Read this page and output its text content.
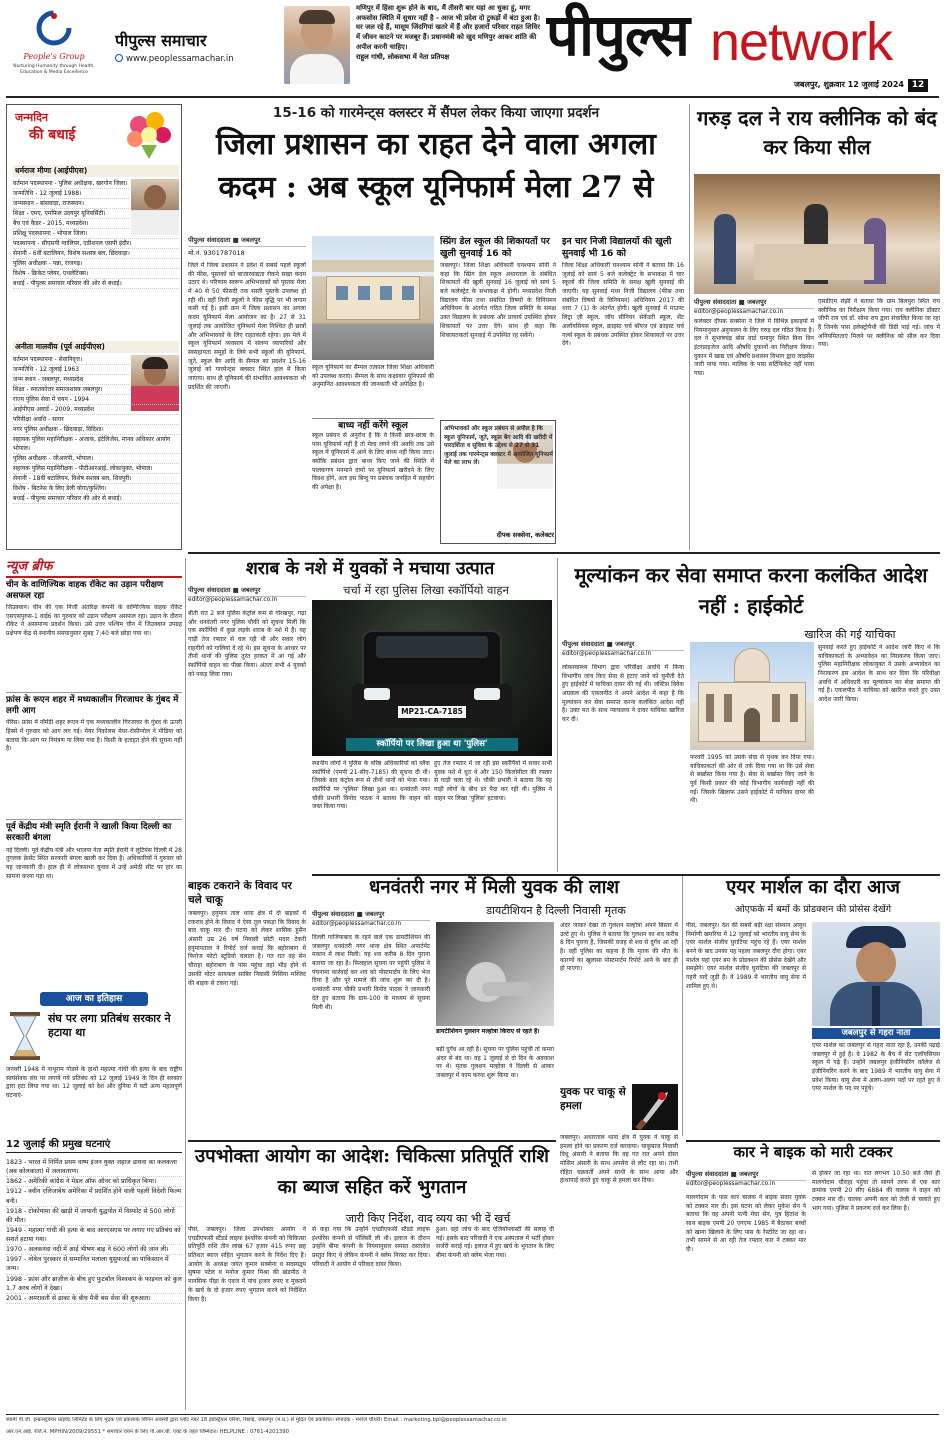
People's Group
Nurturing Humanity through Health, Education & Media Excellence
पीपुल्स समाचार
www.peoplessamachar.in
मणिपुर में हिंसा शुरू होने के बाद, मैं तीसरी बार यहां आ चुका हूं, मगर अफसोस स्थिति में सुधार नहीं है - आज भी प्रदेश दो टुकड़ों में बंटा हुआ है। घर जल रहे हैं, मासूम जिंदगियां खतरे में हैं और हजारों परिवार राहत शिविर में जीवन काटने पर मजबूर हैं। प्रधानमंत्री को खुद मणिपुर आकर शांति की अपील करनी चाहिए।
राहुल गांधी, लोकसभा में नेता प्रतिपक्ष	पीपुल्स network
जबलपुर, शुक्रवार 12 जुलाई 2024 12
जन्मदिन
की बधाई
धर्मराज मीणा (आईपीएस)
वर्तमान पदस्थापना - पुलिस अधीक्षक, खरगोन जिला।
जन्मतिथि - 12 जुलाई 1988।
जन्मस्थान - बांसवाड़ा, राजस्थान।
शिक्षा - एमए, एमफिल उदयपुर यूनिवर्सिटी।
बैच एवं कैडर - 2015, मध्यप्रदेश।
प्रशिक्षु पदस्थापना - भोपाल जिला।
पदस्थापना - सीएसपी ग्वालियर, एडीशनल एसपी इंदौर।
सेनानी - 6वीं बटालियन, विशेष सशस्त्र बल, छिंदवाड़ा।
पुलिस अधीक्षक - पन्ना, राजगढ़।
विशेष - क्रिकेट प्लेयर, एथलेटिक्स।
बधाई - पीपुल्स समाचार परिवार की ओर से बधाई।
अनीता मालवीय (पूर्व आईपीएस)
वर्तमान पदस्थापना - सेवानिवृत्त।
जन्मतिथि - 12 जुलाई 1963
जन्म स्थान - जबलपुर, मध्यप्रदेश
शिक्षा - स्नातकोत्तर समाजशास्त्र जबलपुर।
राज्य पुलिस सेवा में चयन - 1994
आईपीएस अवार्ड - 2009, मध्यप्रदेश
परिवीक्षा अवधि - सागर
नगर पुलिस अधीक्षक - छिंदवाड़ा, विदिशा।
सहायक पुलिस महानिरीक्षक - अजाक, इंटेलिजेंस, मानव अधिकार आयोग भोपाल।
पुलिस अधीक्षक - जीआरपी, भोपाल।
सहायक पुलिस महानिरीक्षक - पीटीआरआई, लोकायुक्त, भोपाल।
सेनानी - 18वीं बटालियन, विशेष सशस्त्र बल, शिवपुरी।
विशेष - बिटनेस के लिए डेली योगा/कुश्तिंग।
बधाई - पीपुल्स समाचार परिवार की ओर से बधाई।
15-16 को गारमेन्ट्स क्लस्टर में सैंपल लेकर किया जाएगा प्रदर्शन
जिला प्रशासन का राहत देने वाला अगला कदम : अब स्कूल यूनिफार्म मेला 27 से
पीपुल्स संवाददाता ■ जबलपुर
मो.नं. 9301787018
जिले में जिला प्रशासन ने प्रदेश में सबसे पहले स्कूलों की फीस, पुस्तकों को बाजारवाद्यता रोकने सख्त कदम उठाए थे। परिणाम स्वरूप अभिभावकों को पुस्तक मेला में 40 से 50 फीसदी तक सस्ती पुस्तकें उपलब्ध हो रही थीं। वहीं निजी स्कूलों ने फीस वृद्धि पर भी लगाम कसी गई है। इसी क्रम में जिला प्रशासन का अगला कदम यूनिफार्म मेला आयोजन का है। 27 से 31 जुलाई तक आयोजित यूनिफार्म मेला निश्चित ही छात्रों और अभिभावकों के लिए राहतकारी रहेगा। इस मेले में स्कूल यूनिफार्म व्यवसाय में संलग्न व्यापारियों और स्वसहायता समूहों के लिये सभी स्कूलों की यूनिफार्म, जूते, स्कूल बैग आदि के सैम्पल का प्रदर्शन 15-16 जुलाई को गारमेन्ट्स क्लस्टर स्थित हाल में किया जाएगा। साथ ही यूनिफार्म की संभावित आवश्यकता भी प्रदर्शित की जाएगी।
स्कूल यूनिफार्म का सैम्पल तत्काल जिला शिक्षा अधिकारी को उपलब्ध कराएं। सैम्पल के साथ कक्षावार यूनिफार्म की अनुमानित आवश्यकता की जानकारी भी अपेक्षित है।
बाध्य नहीं करेंगे स्कूल
स्कूल प्रबंधन से अनुरोध है कि वे किसी छात्र-छात्रा के पास यूनिफार्म नहीं है तो मेला लगने की अवधि तक उसे स्कूल में यूनिफार्म में आने के लिए बाध्य नहीं किया जाए। क्योंकि प्रबंधन द्वारा बाध्य किए जाने की स्थिति में पालकगण मनमाने दामों पर यूनिफार्म खरीदने के लिए विवश होंगे, अतः इस बिन्दु पर प्रबंधक जनहित में सहयोग की अपेक्षा है।
स्प्रिंग डेल स्कूल की शिकायतों पर खुली सुनवाई 16 को
जबलपुर। जिला शिक्षा अधिकारी घनश्याम सोनी ने कहा कि स्प्रिंग डेल स्कूल अधारताल के संबंधित शिकायतों की खुली सुनवाई 16 जुलाई को सायं 5 बजे कलेक्ट्रेट के सभाकक्ष में होगी। मध्यप्रदेश निजी विद्यालय फीस तथा संबंधित विषयों के विनियमन अधिनियम के अंतर्गत गठित जिला समिति के समक्ष उक्त विद्यालय के प्रबंधक और प्राचार्य उपस्थित होकर शिकायतों पर उत्तर देंगे। साथ ही कहा कि शिकायतकर्ता सुनवाई में उपस्थित रह सकेंगे।
इन चार निजी विद्यालयों की खुली सुनवाई भी 16 को
जिला शिक्षा अधिकारी घनश्याम सोनी ने बताया कि 16 जुलाई को सायं 5 बजे कलेक्ट्रेट के सभाकक्ष में चार स्कूलों की जिला समिति के समक्ष खुली सुनवाई की जाएगी। यह सुनवाई मध्य निजी विद्यालय (फीस तथा संबंधित विषयों के विनियमन) अधिनियम 2017 की धारा 7 (1) के अंतर्गत होगी। खुली सुनवाई में माउण्ट लिट्रा ज़ी स्कूल, जॉय सीनियर सेकेंडरी स्कूल, सेंट अलॉयसियस स्कूल, क्राइस्ट चर्च बॉयज एवं क्राइस्ट चर्च गर्ल्स स्कूल के प्रबंधक उपस्थित होकर शिकायतों पर उत्तर देंगे।
अभिभावकों और स्कूल प्रबंधन से अपील है कि स्कूल यूनिफार्म, जूते, स्कूल बैग आदि की खरीदी में पारदर्शिता व सुविधा के उद्देश्य से 27 से 31 जुलाई तक गारमेन्ट्स क्लस्टर में आयोजित यूनिफार्म मेले का लाभ लें।
दीपक सक्सेना, कलेक्टर
गरुड़ दल ने राय क्लीनिक को बंद कर किया सील
पीपुल्स संवाददाता ■ जबलपुर
editor@peoplessamachar.co.in
एसडीएम रांझी ने बताया कि ग्राम बिलपुरा स्थित राय क्लीनिक का निरीक्षण किया गया। राय क्लीनिक डॉक्टर जीपी राय एवं डॉ. सोमा राय द्वारा संचालित किया जा रहा है जिनके पास इलेक्ट्रोपैथी की डिग्री पाई गई। जांच में अनियमितताएं मिलने पर क्लीनिक को सील कर दिया गया।
कलेक्टर दीपक सक्सेना ने जिले में विभिन्न इकाइयों में नियमानुसार अनुपालन के लिए गरुड़ दल गठित किया है। दल ने सुभाषचंद्र बोस वार्ड घमापुर स्थित विना विन इंटरप्राइजेज आदि औषधि दुकानों का निरीक्षण किया। दुकान में खाद्य एवं औषधि प्रशासन विभाग द्वारा लाइसेंस जारी पाया गया। मालिक के पास सर्टिफिकेट नहीं पाया गया।
न्यूज ब्रीफ
चीन के वाणिज्यिक वाहक रॉकेट का उड़ान परीक्षण असफल रहा
जिउक्वान। चीन की एक निजी अंतरिक्ष कंपनी के वाणिज्यिक वाहक रॉकेट एसएसपुरुस-1 वाई6 का गुरुवार को उड़ान परीक्षण असफल रहा। उड़ान के दौरान रॉकेट ने असामान्य प्रदर्शन किया। उसे उत्तर पश्चिम चीन में जिउक्वान उपग्रह प्रक्षेपण केंद्र से स्थानीय समयानुसार सुबह 7:40 बजे छोड़ा गया था।
फ्रांस के रूएन शहर में मध्यकालीन गिरजाघर के गुंबद में लगी आग
पेरिस। फ्रांस में नॉर्मंडी शहर रूएन में एक मध्यकालीन गिरजाघर के गुंबद के ऊपरी हिस्से में गुरुवार को आग लग गई। मेयर निकोलस मेयर-रोसीग्नोल ने मीडिया को बताया कि आग पर नियंत्रण पा लिया गया है। किसी के हताहत होने की सूचना नहीं है।
पूर्व केंद्रीय मंत्री स्मृति ईरानी ने खाली किया दिल्ली का सरकारी बंगला
नई दिल्ली। पूर्व केंद्रीय मंत्री और भाजपा नेता स्मृति ईरानी ने लुटियंस दिल्ली में 28 तुगलक क्रेसेंट स्थित सरकारी बंगला खाली कर दिया है। अधिकारियों ने गुरुवार को यह जानकारी दी। हाल ही में लोकसभा चुनाव में उन्हें अमेठी सीट पर हार का सामना करना पड़ा था।
आज का इतिहास
संघ पर लगा प्रतिबंध सरकार ने हटाया था
जनवरी 1948 में नाथूराम गोडसे के हाथों महात्मा गांधी की हत्या के बाद राष्ट्रीय स्वयंसेवक संघ पर लगाये गये प्रतिबंध को 12 जुलाई 1949 के दिन ही सरकार द्वारा हटा लिया गया था। 12 जुलाई को देश और दुनिया में घटी अन्य महत्वपूर्ण घटनाएं-
12 जुलाई की प्रमुख घटनाएं
1823 - भारत में निर्मित प्रथम वाष्प इंजन युक्त जहाज डायना का कलकत्ता (अब कोलकाता) में जलावतरण।
1862 - अमेरिकी कांग्रेस ने मेडल ऑफ ऑनर को प्राधिकृत किया।
1912 - क्वीन एलिजाबेथ अमेरिका में प्रदर्शित होने वाली पहली विदेशी फिल्म बनी।
1918 - टोकोयामा की खाड़ी में जापानी युद्धपोत में विस्फोट से 500 लोगों की मौत।
1949 - महात्मा गांधी की हत्या के बाद आरएसएस पर लगाए गए प्रतिबंध को सशर्त हटाया गया।
1970 - अलकनंदा नदी में आई भीषण बाढ़ ने 600 लोगों की जान ली।
1997 - नोबेल पुरस्कार से सम्मानित मलाला युसुफजई का पाकिस्तान में जन्म।
1998 - फ्रांस और ब्राज़ील के बीच हुए फुटबॉल विश्वकप के फाइनल को कुल 1.7 अरब लोगों ने देखा।
2001 - अमरावती से ढाका के बीच मैत्री बस सेवा की शुरुआत।
शराब के नशे में युवकों ने मचाया उत्पात
चर्चा में रहा पुलिस लिखा स्कॉर्पियो वाहन
पीपुल्स संवाददाता ■ जबलपुर
editor@peoplessamachar.co.in
बीती रात 2 बजे पुलिस कंट्रोल रूम से गोरखपुर, गढ़ा और धनवंतरी नगर पुलिस चौकी को सूचना मिली कि एक स्कॉर्पियो में कुछ लड़के शराब के नशे में हैं। यह गाड़ी तेज रफ्तार से चल रही थी और सवार लोग राहगीरों को गालियां दे रहे थे। इस सूचना के आधार पर तीनों थानों की पुलिस तुरंत हरकत में आ गई और स्कॉर्पियो वाहन का पीछा किया। अंततः सभी 4 युवकों को पकड़ लिया गया।
MP21-CA-7185
स्कॉर्पियो पर लिखा हुआ था 'पुलिस'
स्थानीय लोगों ने पुलिस के वरिष्ठ अधिकारियों को ब्लैक स्कॉर्पियो (एमपी 21-सीए-7185) की सूचना दी थी। जिसके बाद कंट्रोल रूम से तीनों थानों को भेजा गया। स्कॉर्पियो पर 'पुलिस' लिखा हुआ था। धनवंतरी नगर चौकी प्रभारी विनोद पाठक ने बताया कि वाहन को जब्त किया गया।
हुए तेज रफ्तार में जा रही इस स्कॉर्पियो में सवार सभी युवक नशे में धुत थे और 150 किलोमीटर की रफ्तार से गाड़ी चला रहे थे। चौकी प्रभारी ने बताया कि यह गाड़ी लोगों के बीच डर पैदा कर रही थी। पुलिस ने वाहन पर लिखा 'पुलिस' हटवाया।
बाइक टकराने के विवाद पर चले चाकू
जबलपुर। हनुमान ताल थाना क्षेत्र में दो बाइकों में टकराव होने के विवाद ने ऐसा तूल पकड़ा कि विवाद के बाद चाकू मार दी। घटना को लेकर शासिक हुसैन अंसारी उम्र 26 वर्ष निवासी छोटी मदार टेकरी हनुमानताल ने रिपोर्ट दर्ज कराई कि बहोराबाग में फिरोज फोटो स्टूडियो चलाता है। गत रात वह सेन चौराहा बहोराबाग के पास पहुंचा वहां भीड़ होने से उसकी मोटर सायकल साबिर निवासी मिसिमा मस्जिद की बाइक से टकरा गई।
मूल्यांकन कर सेवा समाप्त करना कलंकित आदेश नहीं : हाईकोर्ट
खारिज की गई याचिका
पीपुल्स संवाददाता ■ जबलपुर
editor@peoplessamachar.co.in
लोकस्वास्थ्य विभाग द्वारा परिवीक्षा अवधि में किया विभागीय जांच किए सेवा से हटाए जाने को चुनौती देते हुए हाईकोर्ट में याचिका दायर की गई थी। जस्टिस विवेक अग्रवाल की एकलपीठ ने अपने आदेश में कहा है कि मूल्यांकन कर सेवा समाप्त करना कलंकित आदेश नहीं है। उक्त मत के साथ न्यायालय ने दायर याचिका खारिज कर दी।
फरवरी 1995 को उसके सेवा से पृथक कर दिया गया। याचिकाकर्ता की ओर से तर्क दिया गया था कि उसे सेवा से बर्खास्त किया गया है। सेवा से बर्खास्त किए जाने के पूर्व किसी प्रकार की कोई विभागीय कार्यवाही नहीं की गई। जिसके खिलाफ उसने हाईकोर्ट में याचिका दायर की थी।
सुनवाई करते हुए हाईकोर्ट ने आदेश जारी किए थे कि याचिकाकर्ता के अभ्यावेदन का निराकरण किया जाए। पुलिस महानिरीक्षक लोकायुक्त ने उसके अभ्यावेदन का निराकरण इस आदेश के साथ कर दिया कि परिवीक्षा अवधि में अधिकारी का मूल्यांकन कर सेवा समाप्त की गई है। एकलपीठ ने याचिका को खारिज करते हुए उक्त आदेश जारी किया।
धनवंतरी नगर में मिली युवक की लाश
डायटीशियन है दिल्ली निवासी मृतक
पीपुल्स संवाददाता ■ जबलपुर
editor@peoplessamachar.co.in
दिल्ली गाजियाबाद के रहने वाले एक डायटीशियन की जबलपुर धनवंतरी नगर थाना क्षेत्र स्थित अपार्टमेंट मकान में लाश मिली। यह शव करीब 8 दिन पुराना बताया जा रहा है। फिलहाल सूचना पर पहुंची पुलिस ने पंचनामा कार्रवाई कर शव को पोस्टमार्टम के लिए भेज दिया है और पूरे मामले की जांच शुरू कर दी है। धनवंतरी नगर चौकी प्रभारी विनोद पाठक ने जानकारी देते हुए बताया कि ग्राम-100 के माध्यम से सूचना मिली थी।
डायटीशियन गुलशन मल्होत्रा किराए से रहते हैं।
बड़ी दुर्गंध आ रही है। सूचना पर पुलिस पहुंची तो कमरा अंदर से बंद था। वह 1 जुलाई से दो दिन के अवकाश पर थे। मृतक गुलशन मल्होत्रा ने दिल्ली से आकर जबलपुर में काम करना शुरू किया था।
अंदर जाकर देखा तो गुलशन मल्होत्रा अपने बिस्तर में उल्टे हुए थे। पुलिस ने बताया कि गुलशन का शव करीब 8 दिन पुराना है, जिसकी वजह से शव से दुर्गंध आ रही है। वहीं पुलिस का कहना है कि मृतक की मौत के कारणों का खुलासा पोस्टमार्टम रिपोर्ट आने के बाद ही हो पाएगा।
युवक पर चाकू से हमला
जबलपुर। अधारताल थाना क्षेत्र में युवक ने चाकू से हमला होने का प्रकरण दर्ज करवाया। चाकूबाज निवासी विधु अंसारी ने बताया कि वह गत रात अपने दोस्त मोसिन अंसारी के साथ अपसेरा से लौट रहा था। तभी रोहित चक्रवर्ती अपने साथी के साथ आया और हाथापाई करते हुए चाकू से हमला कर दिया।
एयर मार्शल का दौरा आज
ओएफके में बमों के प्रोडक्शन की प्रोसेस देखेंगे
पीसं, जबलपुर। देश की सबसे बड़ी रक्षा संस्थान आयुध निर्माणी खमरिया में 12 जुलाई को भारतीय वायु सेना के एयर मार्शल संजीव घुराटिया पहुंच रहे हैं। एयर मार्शल बनने के बाद उनका यह पहला जबलपुर दौरा होगा। एयर मार्शल यहां एयर बम के प्रोडक्शन की प्रोसेस देखेंगे और समझेंगे। एयर मार्शल संजीव घुराटिया की जबलपुर से गहरी यादें जुड़ी हैं। वे 1989 में भारतीय वायु सेना में शामिल हुए थे।
जबलपुर से गहरा नाता
एयर मार्शल का जबलपुर से गहरा नाता रहा है, उनकी पढ़ाई जबलपुर में हुई है। वे 1982 के बैच में सेंट एलॉयसियस स्कूल में पढ़े हैं। उन्होंने जबलपुर इंजीनियरिंग कॉलेज से इंजीनियरिंग करने के बाद 1989 में भारतीय वायु सेना में प्रवेश किया। वायु सेना में अलग-अलग पदों पर रहते हुए वे एयर मार्शल के पद पर पहुंचे।
उपभोक्ता आयोग का आदेश: चिकित्सा प्रतिपूर्ति राशि का ब्याज सहित करें भुगतान
जारी किए निर्देश, वाद व्यय का भी दें खर्च
पीसं, जबलपुर। जिला उपभोक्ता आयोग ने एचडीएफसी स्टैंडर्ड लाइफ इंश्योरेंस कंपनी को चिकित्सा प्रतिपूर्ति राशि तीन लाख 67 हजार 415 रुपए छह प्रतिशत ब्याज सहित भुगतान करने के निर्देश दिए हैं। आयोग के अध्यक्ष जयंत कुमार सक्सेना व सदस्यद्वय सुषमा पटेल व मनोज कुमार मिश्रा की खंडपीठ ने मानसिक पीड़ा के एवज में पांच हजार रुपए व मुकदमे के खर्च के दो हजार रुपए भुगतान करने को निर्देशित किया है।
से कहा गया कि उन्होंने एचडीएफसी स्टैंडर्ड लाइफ इंश्योरेंस कंपनी से पॉलिसी ली थी। इलाज के दौरान उन्होंने बीमा कंपनी के नियमानुसार समस्त दस्तावेज प्रस्तुत किए थे लेकिन कंपनी ने क्लेम निरस्त कर दिया। परिवादी ने आयोग में परिवाद दायर किया।
हुआ। वहां जांच के बाद एंजियोप्लास्टी की सलाह दी गई। इसके बाद परिवादी ने एक अस्पताल में भर्ती होकर सर्जरी कराई गई। इलाज में हुए खर्च के भुगतान के लिए बीमा कंपनी को क्लेम भेजा गया।
कार ने बाइक को मारी टक्कर
पीपुल्स संवाददाता ■ जबलपुर
editor@peoplessamachar.co.in
मालगोदाम के पास कार चालक ने बाइक सवार युवक को टक्कर मार दी। इस घटना को लेकर मुकेश सेन ने बताया कि वह अपनी पत्नी मेघा सेन, पुत्र हितांश के साथ बाइक एमपी 20 एनएफ 1985 में बैठाकर बच्चों को खाना खिलाने के लिए पास के रेस्टोरेंट जा रहा था। तभी सामने से आ रही तेज रफ्तार कार ने टक्कर मार दी।
से होकर जा रहा था। रात लगभग 10.50 बजे जैसे ही मालगोदाम चौराहा पहुंचा तो सामने तरफ से एक कार क्रमांक एमपी 20 सीए 6884 की चालक ने वाहन को टक्कर मार दी। चालक अपनी कार को तेजी से चलाते हुए भाग गया। पुलिस ने प्रकरण दर्ज कर लिया है।
स्वामी पी.जी. इन्फ्रास्ट्रक्चर प्राइवेट लिमिटेड के लिए मुद्रक एवं प्रकाशक विपिन अवस्थी द्वारा प्लॉट नंबर 18 इंडस्ट्रियल एरिया, रिछाई, जबलपुर (म.प्र.) से मुद्रित एवं प्रकाशित। संपादक - मनोज चौधरी। Email : marketing.bpl@peoplessamachar.co.in
आर.एन.आई. रजि.नं. MPHIN/2009/29551 * समाचार चयन के लिए पी.आर.बी. एक्ट के तहत जिम्मेदार। HELPLINE : 0761-4201390
